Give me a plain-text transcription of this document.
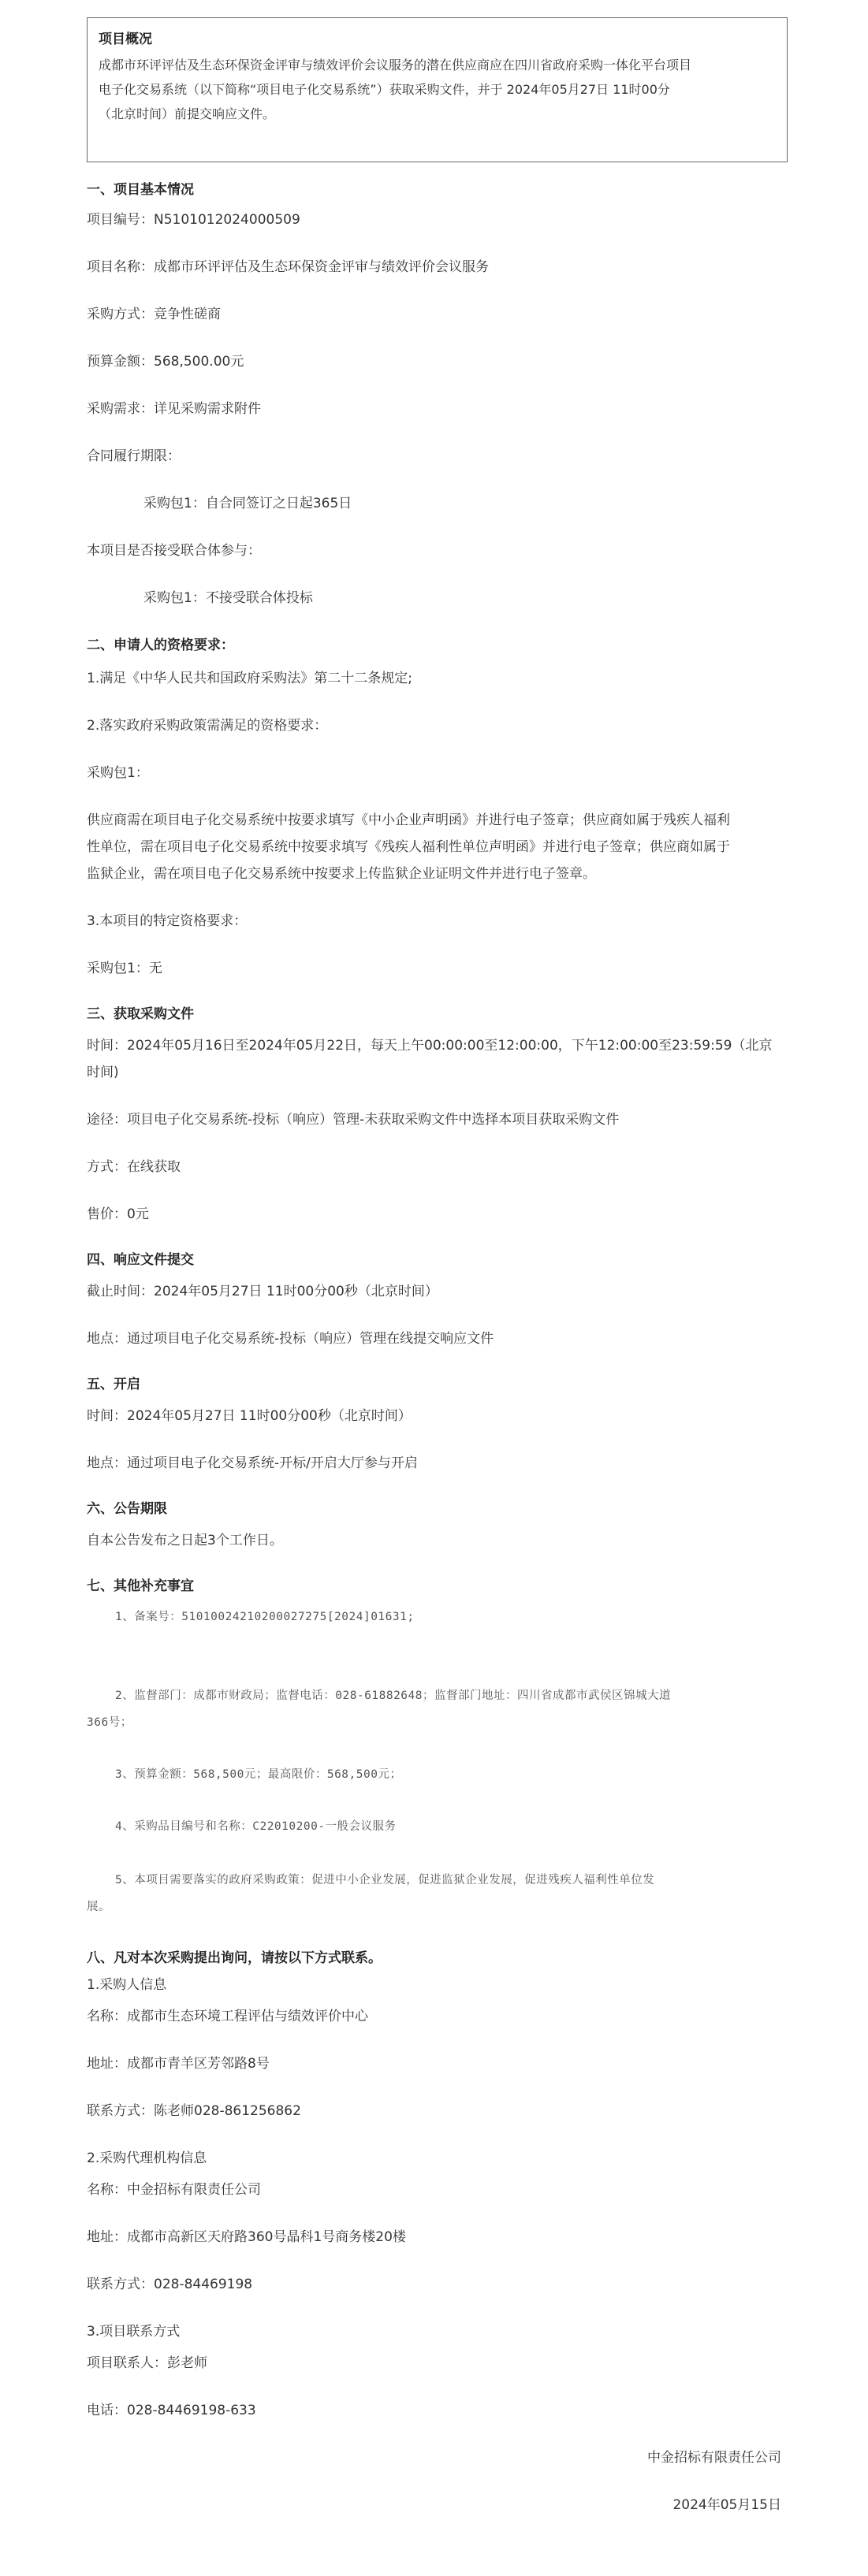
项目概况
成都市环评评估及生态环保资金评审与绩效评价会议服务的潜在供应商应在四川省政府采购一体化平台项目
电子化交易系统（以下简称“项目电子化交易系统”）获取采购文件，并于 2024年05月27日 11时00分
（北京时间）前提交响应文件。
一、项目基本情况
项目编号：N5101012024000509
项目名称：成都市环评评估及生态环保资金评审与绩效评价会议服务
采购方式：竞争性磋商
预算金额：568,500.00元
采购需求：详见采购需求附件
合同履行期限：
采购包1：自合同签订之日起365日
本项目是否接受联合体参与：
采购包1：不接受联合体投标
二、申请人的资格要求：
1.满足《中华人民共和国政府采购法》第二十二条规定;
2.落实政府采购政策需满足的资格要求：
采购包1：
供应商需在项目电子化交易系统中按要求填写《中小企业声明函》并进行电子签章；供应商如属于残疾人福利
性单位，需在项目电子化交易系统中按要求填写《残疾人福利性单位声明函》并进行电子签章；供应商如属于
监狱企业，需在项目电子化交易系统中按要求上传监狱企业证明文件并进行电子签章。
3.本项目的特定资格要求：
采购包1：无
三、获取采购文件
时间：2024年05月16日至2024年05月22日，每天上午00:00:00至12:00:00，下午12:00:00至23:59:59（北京
时间)
途径：项目电子化交易系统-投标（响应）管理-未获取采购文件中选择本项目获取采购文件
方式：在线获取
售价：0元
四、响应文件提交
截止时间：2024年05月27日 11时00分00秒（北京时间）
地点：通过项目电子化交易系统-投标（响应）管理在线提交响应文件
五、开启
时间：2024年05月27日 11时00分00秒（北京时间）
地点：通过项目电子化交易系统-开标/开启大厅参与开启
六、公告期限
自本公告发布之日起3个工作日。
七、其他补充事宜
1、备案号：51010024210200027275[2024]01631;
2、监督部门：成都市财政局；监督电话：028-61882648；监督部门地址：四川省成都市武侯区锦城大道
366号；
3、预算金额：568,500元；最高限价：568,500元；
4、采购品目编号和名称：C22010200-一般会议服务
5、本项目需要落实的政府采购政策：促进中小企业发展，促进监狱企业发展，促进残疾人福利性单位发
展。
八、凡对本次采购提出询问，请按以下方式联系。
1.采购人信息
名称：成都市生态环境工程评估与绩效评价中心
地址：成都市青羊区芳邻路8号
联系方式：陈老师028-861256862
2.采购代理机构信息
名称：中金招标有限责任公司
地址：成都市高新区天府路360号晶科1号商务楼20楼
联系方式：028-84469198
3.项目联系方式
项目联系人：彭老师
电话：028-84469198-633
中金招标有限责任公司
2024年05月15日
